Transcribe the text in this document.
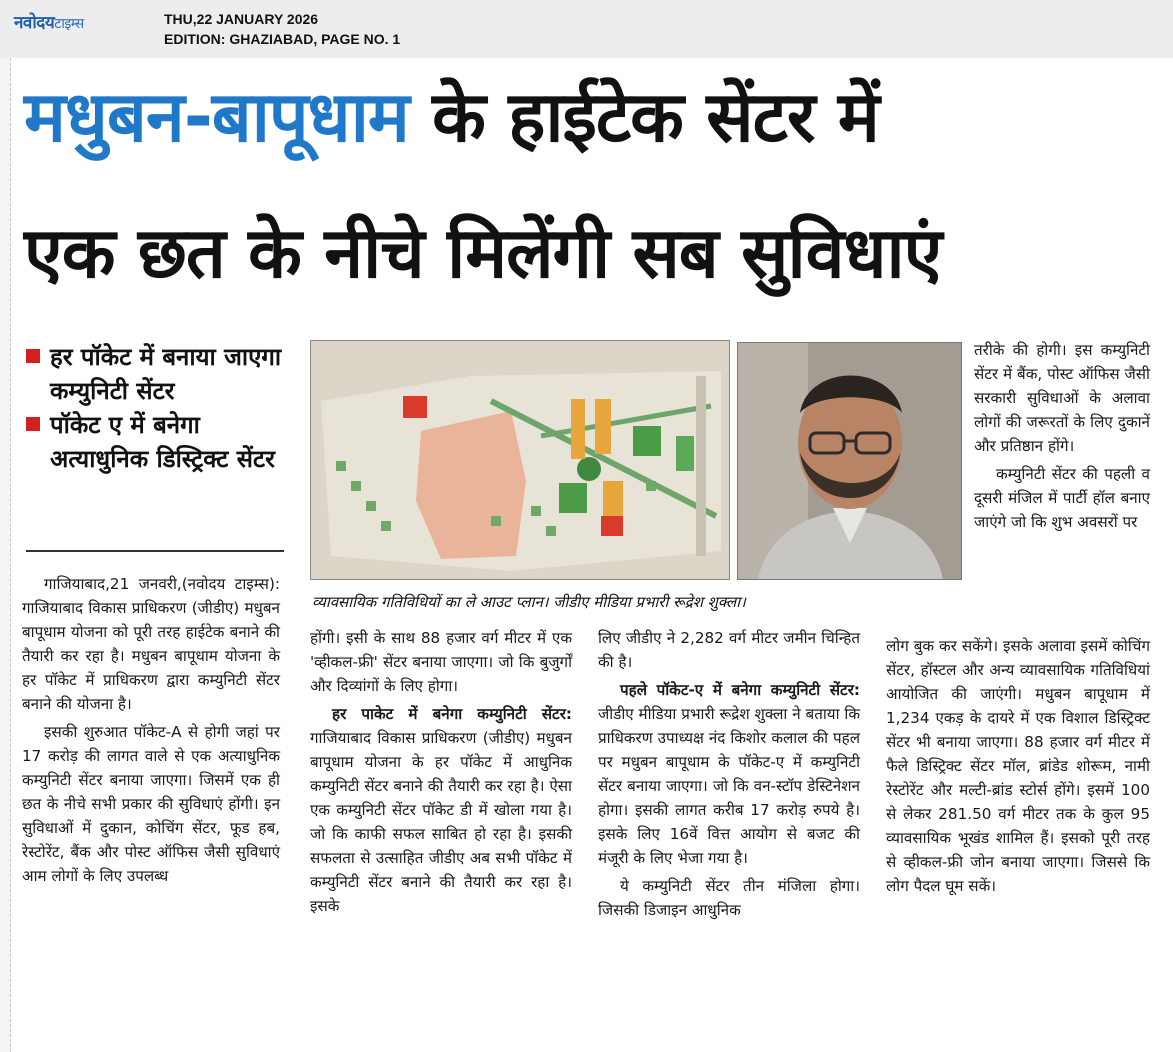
नवोदयटाइम्स	THU,22 JANUARY 2026
EDITION: GHAZIABAD, PAGE NO. 1
मधुबन-बापूधाम के हाईटेक सेंटर में
एक छत के नीचे मिलेंगी सब सुविधाएं
हर पॉकेट में बनाया जाएगा कम्युनिटी सेंटर
पॉकेट ए में बनेगा अत्याधुनिक डिस्ट्रिक्ट सेंटर

गाजियाबाद,21 जनवरी,(नवोदय टाइम्स): गाजियाबाद विकास प्राधिकरण (जीडीए) मधुबन बापूधाम योजना को पूरी तरह हाईटेक बनाने की तैयारी कर रहा है। मधुबन बापूधाम योजना के हर पॉकेट में प्राधिकरण द्वारा कम्युनिटी सेंटर बनाने की योजना है।

इसकी शुरुआत पॉकेट-A से होगी जहां पर 17 करोड़ की लागत वाले से एक अत्याधुनिक कम्युनिटी सेंटर बनाया जाएगा। जिसमें एक ही छत के नीचे सभी प्रकार की सुविधाएं होंगी। इन सुविधाओं में दुकान, कोचिंग सेंटर, फूड हब, रेस्टोरेंट, बैंक और पोस्ट ऑफिस जैसी सुविधाएं आम लोगों के लिए उपलब्ध

व्यावसायिक गतिविधियों का ले आउट प्लान। जीडीए मीडिया प्रभारी रूद्रेश शुक्ला।

होंगी। इसी के साथ 88 हजार वर्ग मीटर में एक 'व्हीकल-फ्री' सेंटर बनाया जाएगा। जो कि बुजुर्गों और दिव्यांगों के लिए होगा।

हर पाकेट में बनेगा कम्युनिटी सेंटर: गाजियाबाद विकास प्राधिकरण (जीडीए) मधुबन बापूधाम योजना के हर पॉकेट में आधुनिक कम्युनिटी सेंटर बनाने की तैयारी कर रहा है। ऐसा एक कम्युनिटी सेंटर पॉकेट डी में खोला गया है। जो कि काफी सफल साबित हो रहा है। इसकी सफलता से उत्साहित जीडीए अब सभी पॉकेट में कम्युनिटी सेंटर बनाने की तैयारी कर रहा है। इसके

लिए जीडीए ने 2,282 वर्ग मीटर जमीन चिन्हित की है।

पहले पॉकेट-ए में बनेगा कम्युनिटी सेंटर: जीडीए मीडिया प्रभारी रूद्रेश शुक्ला ने बताया कि प्राधिकरण उपाध्यक्ष नंद किशोर कलाल की पहल पर मधुबन बापूधाम के पॉकेट-ए में कम्युनिटी सेंटर बनाया जाएगा। जो कि वन-स्टॉप डेस्टिनेशन होगा। इसकी लागत करीब 17 करोड़ रुपये है। इसके लिए 16वें वित्त आयोग से बजट की मंजूरी के लिए भेजा गया है।

ये कम्युनिटी सेंटर तीन मंजिला होगा। जिसकी डिजाइन आधुनिक

तरीके की होगी। इस कम्युनिटी सेंटर में बैंक, पोस्ट ऑफिस जैसी सरकारी सुविधाओं के अलावा लोगों की जरूरतों के लिए दुकानें और प्रतिष्ठान होंगे।

कम्युनिटी सेंटर की पहली व दूसरी मंजिल में पार्टी हॉल बनाए जाएंगे जो कि शुभ अवसरों पर

लोग बुक कर सकेंगे। इसके अलावा इसमें कोचिंग सेंटर, हॉस्टल और अन्य व्यावसायिक गतिविधियां आयोजित की जाएंगी। मधुबन बापूधाम में 1,234 एकड़ के दायरे में एक विशाल डिस्ट्रिक्ट सेंटर भी बनाया जाएगा। 88 हजार वर्ग मीटर में फैले डिस्ट्रिक्ट सेंटर मॉल, ब्रांडेड शोरूम, नामी रेस्टोरेंट और मल्टी-ब्रांड स्टोर्स होंगे। इसमें 100 से लेकर 281.50 वर्ग मीटर तक के कुल 95 व्यावसायिक भूखंड शामिल हैं। इसको पूरी तरह से व्हीकल-फ्री जोन बनाया जाएगा। जिससे कि लोग पैदल घूम सकें।
